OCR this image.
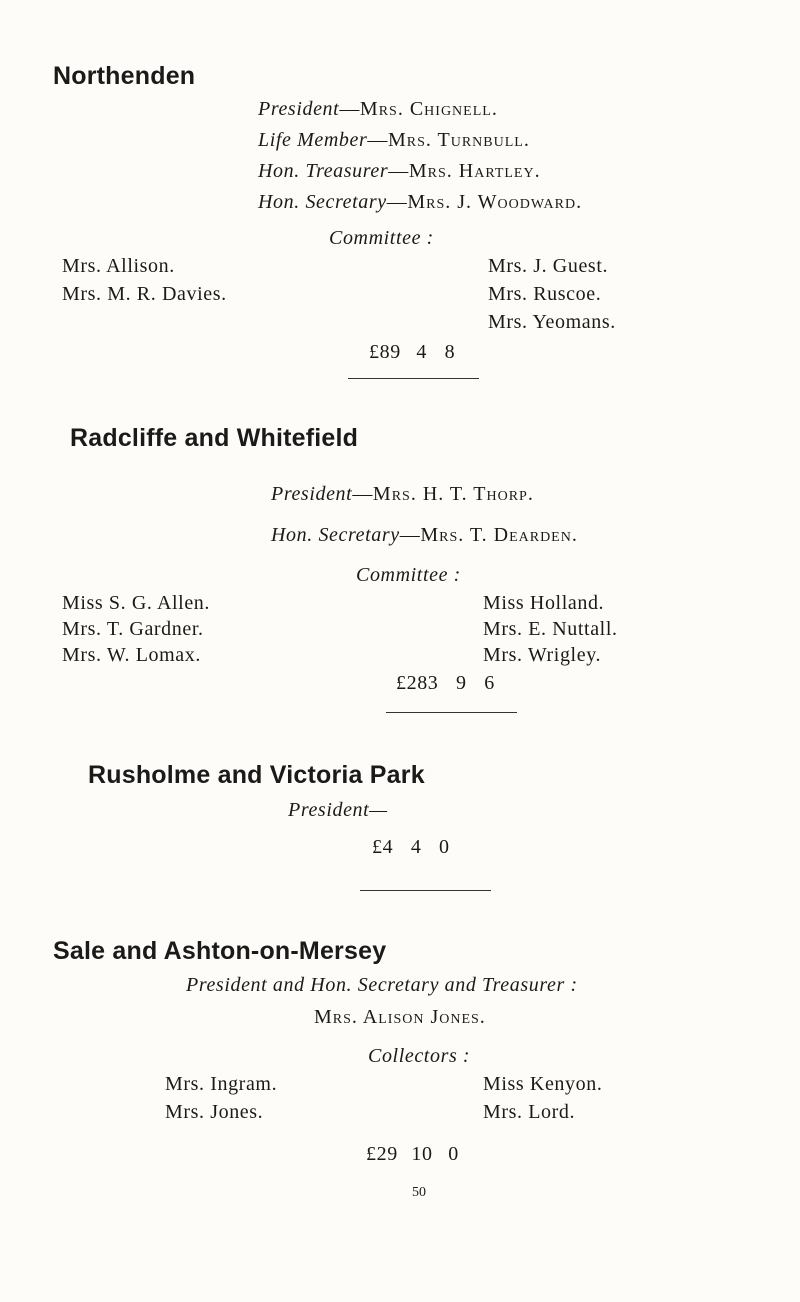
Northenden
President—Mrs. Chignell.
Life Member—Mrs. Turnbull.
Hon. Treasurer—Mrs. Hartley.
Hon. Secretary—Mrs. J. Woodward.
Committee :
Mrs. Allison.
Mrs. M. R. Davies.
Mrs. J. Guest.
Mrs. Ruscoe.
Mrs. Yeomans.
£89 4 8
Radcliffe and Whitefield
President—Mrs. H. T. Thorp.
Hon. Secretary—Mrs. T. Dearden.
Committee :
Miss S. G. Allen.
Mrs. T. Gardner.
Mrs. W. Lomax.
Miss Holland.
Mrs. E. Nuttall.
Mrs. Wrigley.
£283 9 6
Rusholme and Victoria Park
President—
£4 4 0
Sale and Ashton-on-Mersey
President and Hon. Secretary and Treasurer :
Mrs. Alison Jones.
Collectors :
Mrs. Ingram.
Mrs. Jones.
Miss Kenyon.
Mrs. Lord.
£29 10 0
50
